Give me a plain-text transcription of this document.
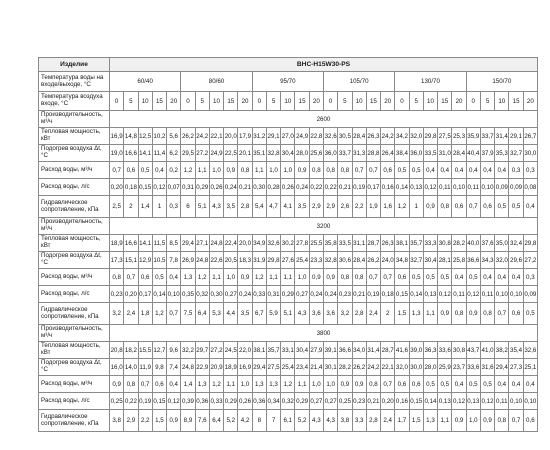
Изделие	BHC-H15W30-PS																													
Температура воды на входе/выходе, °С	60/40					80/60					95/70					105/70					130/70					150/70				
Температура воздуха входе, °С	0	5	10	15	20	0	5	10	15	20	0	5	10	15	20	0	5	10	15	20	0	5	10	15	20	0	5	10	15	20
Производительность, м³/ч	2600																													
Тепловая мощность, кВт	16,9	14,8	12,5	10,2	5,6	26,2	24,2	22,1	20,0	17,9	31,2	29,1	27,0	24,9	22,8	32,6	30,5	28,4	26,3	24,2	34,2	32,0	29,8	27,5	25,3	35,9	33,7	31,4	29,1	26,7
Подогрев воздуха Δt, °С	19,0	16,6	14,1	11,4	6,2	29,5	27,2	24,9	22,5	20,1	35,1	32,8	30,4	28,0	25,6	36,0	33,7	31,3	28,8	26,4	38,4	36,0	33,5	31,0	28,4	40,4	37,9	35,3	32,7	30,0
Расход воды, м³/ч	0,7	0,6	0,5	0,4	0,2	1,2	1,1	1,0	0,9	0,8	1,1	1,0	1,0	0,9	0,8	0,8	0,8	0,7	0,7	0,6	0,5	0,5	0,4	0,4	0,4	0,4	0,4	0,4	0,3	0,3
Расход воды, л/с	0,20	0,18	0,15	0,12	0,07	0,31	0,29	0,26	0,24	0,21	0,30	0,28	0,26	0,24	0,22	0,22	0,21	0,19	0,17	0,16	0,14	0,13	0,12	0,11	0,10	0,11	0,10	0,09	0,09	0,08
Гидравлическое сопротивление, кПа	2,5	2	1,4	1	0,3	6	5,1	4,3	3,5	2,8	5,4	4,7	4,1	3,5	2,9	2,9	2,6	2,2	1,9	1,6	1,2	1	0,9	0,8	0,6	0,7	0,6	0,5	0,5	0,4
Производительность, м³/ч	3200																													
Тепловая мощность, кВт	18,9	16,6	14,1	11,5	8,5	29,4	27,1	24,8	22,4	20,0	34,9	32,6	30,2	27,8	25,5	35,8	33,5	31,1	28,7	26,3	38,1	35,7	33,3	30,8	28,2	40,0	37,6	35,0	32,4	29,8
Подогрев воздуха Δt, °С	17,3	15,1	12,9	10,5	7,8	26,9	24,8	22,6	20,5	18,3	31,9	29,8	27,6	25,4	23,3	32,8	30,6	28,4	26,2	24,0	34,8	32,7	30,4	28,1	25,8	36,6	34,3	32,0	29,6	27,2
Расход воды, м³/ч	0,8	0,7	0,6	0,5	0,4	1,3	1,2	1,1	1,0	0,9	1,2	1,1	1,1	1,0	0,9	0,9	0,8	0,8	0,7	0,7	0,6	0,5	0,5	0,5	0,4	0,5	0,4	0,4	0,4	0,3
Расход воды, л/с	0,23	0,20	0,17	0,14	0,10	0,35	0,32	0,30	0,27	0,24	0,33	0,31	0,29	0,27	0,24	0,24	0,23	0,21	0,19	0,18	0,15	0,14	0,13	0,12	0,11	0,12	0,11	0,10	0,10	0,09
Гидравлическое сопротивление, кПа	3,2	2,4	1,8	1,2	0,7	7,5	6,4	5,3	4,4	3,5	6,7	5,9	5,1	4,3	3,6	3,6	3,2	2,8	2,4	2	1,5	1,3	1,1	0,9	0,8	0,9	0,8	0,7	0,6	0,5
Производительность, м³/ч	3800																													
Тепловая мощность, кВт	20,8	18,2	15,5	12,7	9,6	32,2	29,7	27,2	24,5	22,0	38,1	35,7	33,1	30,4	27,9	39,1	36,6	34,0	31,4	28,7	41,6	39,0	36,3	33,6	30,8	43,7	41,0	38,2	35,4	32,6
Подогрев воздуха Δt, °С	16,0	14,0	11,9	9,8	7,4	24,8	22,9	20,9	18,9	16,9	29,4	27,5	25,4	23,4	21,4	30,1	28,2	26,2	24,2	22,1	32,0	30,0	28,0	25,9	23,7	33,6	31,6	29,4	27,3	25,1
Расход воды, м³/ч	0,9	0,8	0,7	0,6	0,4	1,4	1,3	1,2	1,1	1,0	1,3	1,3	1,2	1,1	1,0	1,0	0,9	0,9	0,8	0,7	0,6	0,6	0,5	0,5	0,4	0,5	0,5	0,4	0,4	0,4
Расход воды, л/с	0,25	0,22	0,19	0,15	0,12	0,39	0,36	0,33	0,29	0,26	0,36	0,34	0,32	0,29	0,27	0,27	0,25	0,23	0,21	0,20	0,16	0,15	0,14	0,13	0,12	0,13	0,12	0,11	0,10	0,10
Гидравлическое сопротивление, кПа	3,8	2,9	2,2	1,5	0,9	8,9	7,6	6,4	5,2	4,2	8	7	6,1	5,2	4,3	4,3	3,8	3,3	2,8	2,4	1,7	1,5	1,3	1,1	0,9	1,0	0,9	0,8	0,7	0,6
